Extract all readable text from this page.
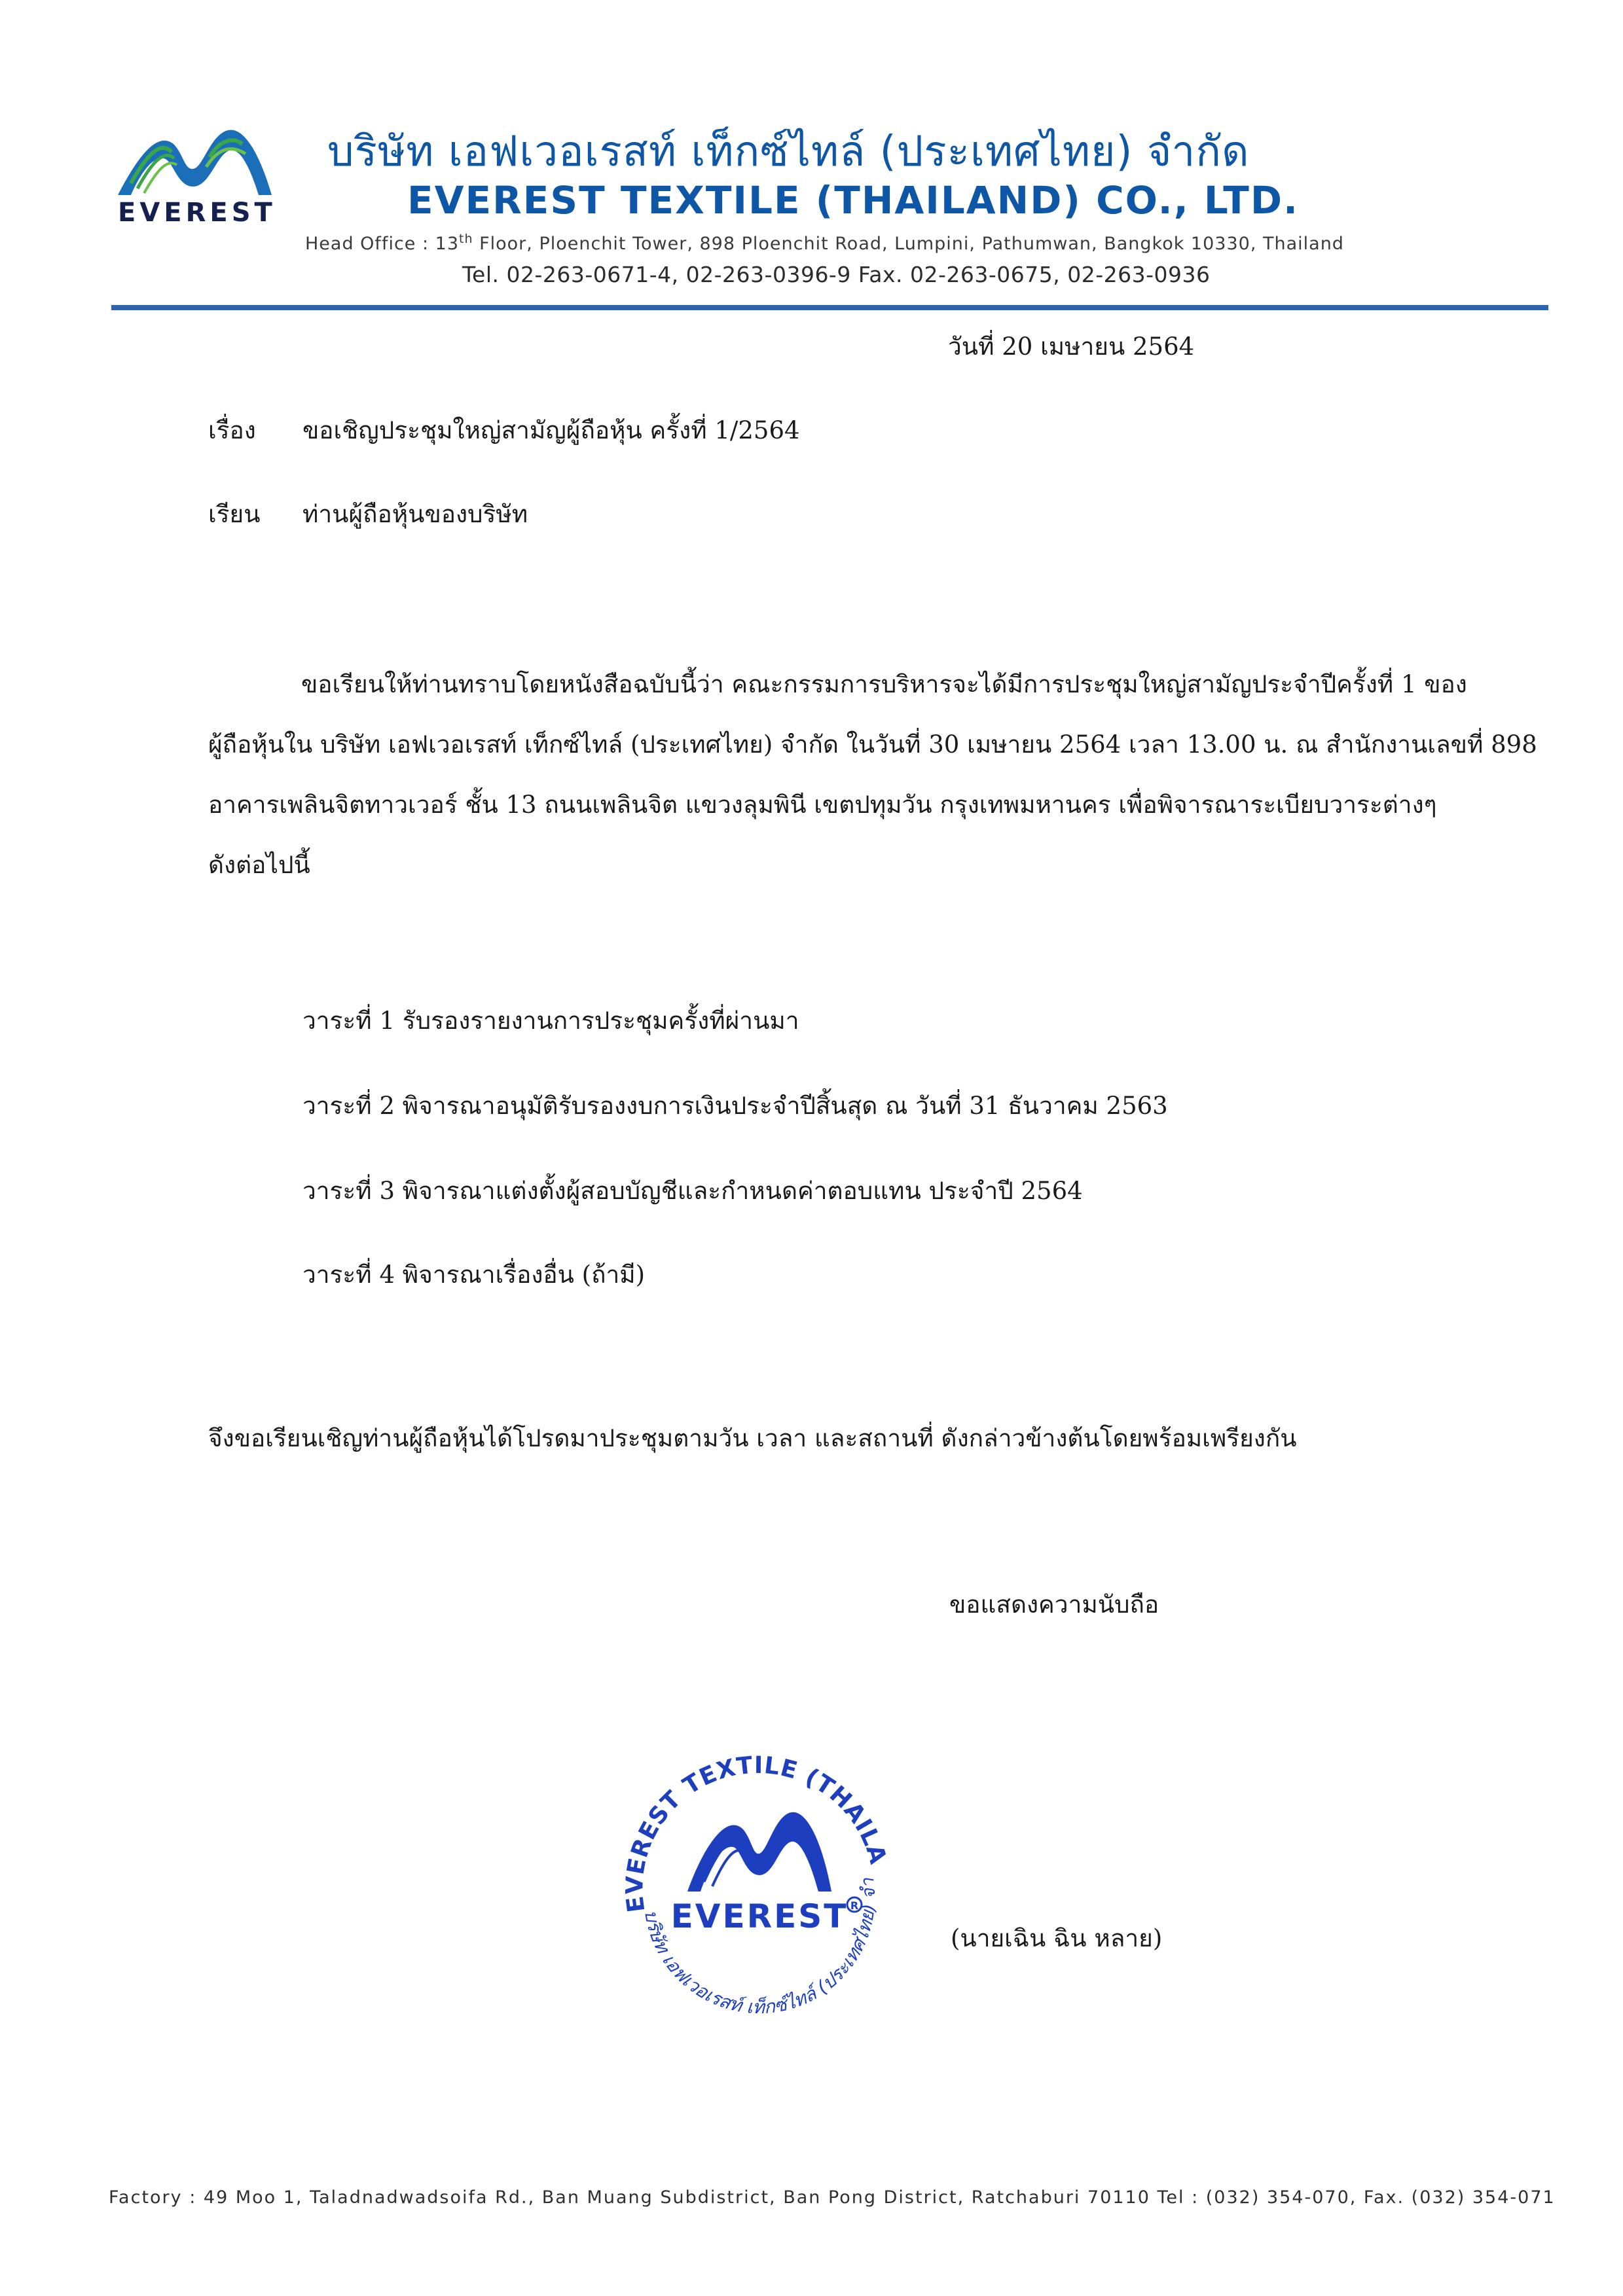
EVEREST
บริษัท เอฟเวอเรสท์ เท็กซ์ไทล์ (ประเทศไทย) จำกัด
EVEREST TEXTILE (THAILAND) CO., LTD.
Head Office : 13th Floor, Ploenchit Tower, 898 Ploenchit Road, Lumpini, Pathumwan, Bangkok 10330, Thailand
Tel. 02-263-0671-4, 02-263-0396-9 Fax. 02-263-0675, 02-263-0936
วันที่ 20 เมษายน 2564
เรื่อง ขอเชิญประชุมใหญ่สามัญผู้ถือหุ้น ครั้งที่ 1/2564
เรียน ท่านผู้ถือหุ้นของบริษัท
ขอเรียนให้ท่านทราบโดยหนังสือฉบับนี้ว่า คณะกรรมการบริหารจะได้มีการประชุมใหญ่สามัญประจำปีครั้งที่ 1 ของ
ผู้ถือหุ้นใน บริษัท เอฟเวอเรสท์ เท็กซ์ไทล์ (ประเทศไทย) จำกัด ในวันที่ 30 เมษายน 2564 เวลา 13.00 น. ณ สำนักงานเลขที่ 898
อาคารเพลินจิตทาวเวอร์ ชั้น 13 ถนนเพลินจิต แขวงลุมพินี เขตปทุมวัน กรุงเทพมหานคร เพื่อพิจารณาระเบียบวาระต่างๆ
ดังต่อไปนี้
วาระที่ 1 รับรองรายงานการประชุมครั้งที่ผ่านมา
วาระที่ 2 พิจารณาอนุมัติรับรองงบการเงินประจำปีสิ้นสุด ณ วันที่ 31 ธันวาคม 2563
วาระที่ 3 พิจารณาแต่งตั้งผู้สอบบัญชีและกำหนดค่าตอบแทน ประจำปี 2564
วาระที่ 4 พิจารณาเรื่องอื่น (ถ้ามี)
จึงขอเรียนเชิญท่านผู้ถือหุ้นได้โปรดมาประชุมตามวัน เวลา และสถานที่ ดังกล่าวข้างต้นโดยพร้อมเพรียงกัน
ขอแสดงความนับถือ
EVEREST TEXTILE (THAILA
EVEREST R
บริษัท เอฟเวอเรสท์ เท็กซ์ไทล์ (ประเทศไทย) จำ
(นายเฉิน ฉิน หลาย)
Factory : 49 Moo 1, Taladnadwadsoifa Rd., Ban Muang Subdistrict, Ban Pong District, Ratchaburi 70110 Tel : (032) 354-070, Fax. (032) 354-071
